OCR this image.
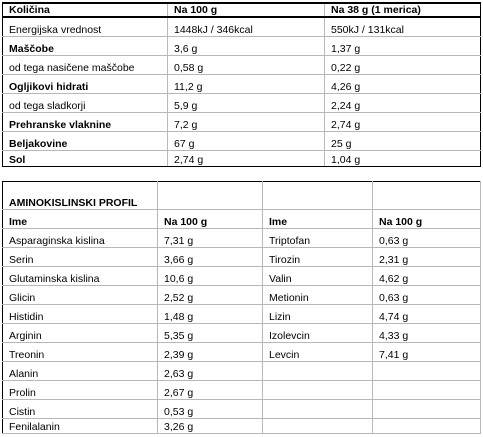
Količina	Na 100 g	Na 38 g (1 merica)
Energijska vrednost	1448kJ / 346kcal	550kJ / 131kcal
Maščobe	3,6 g	1,37 g
od tega nasičene maščobe	0,58 g	0,22 g
Ogljikovi hidrati	11,2 g	4,26 g
od tega sladkorji	5,9 g	2,24 g
Prehranske vlaknine	7,2 g	2,74 g
Beljakovine	67 g	25 g
Sol	2,74 g	1,04 g
AMINOKISLINSKI PROFIL			
Ime	Na 100 g	Ime	Na 100 g
Asparaginska kislina	7,31 g	Triptofan	0,63 g
Serin	3,66 g	Tirozin	2,31 g
Glutaminska kislina	10,6 g	Valin	4,62 g
Glicin	2,52 g	Metionin	0,63 g
Histidin	1,48 g	Lizin	4,74 g
Arginin	5,35 g	Izolevcin	4,33 g
Treonin	2,39 g	Levcin	7,41 g
Alanin	2,63 g		
Prolin	2,67 g		
Cistin	0,53 g		
Fenilalanin	3,26 g		
